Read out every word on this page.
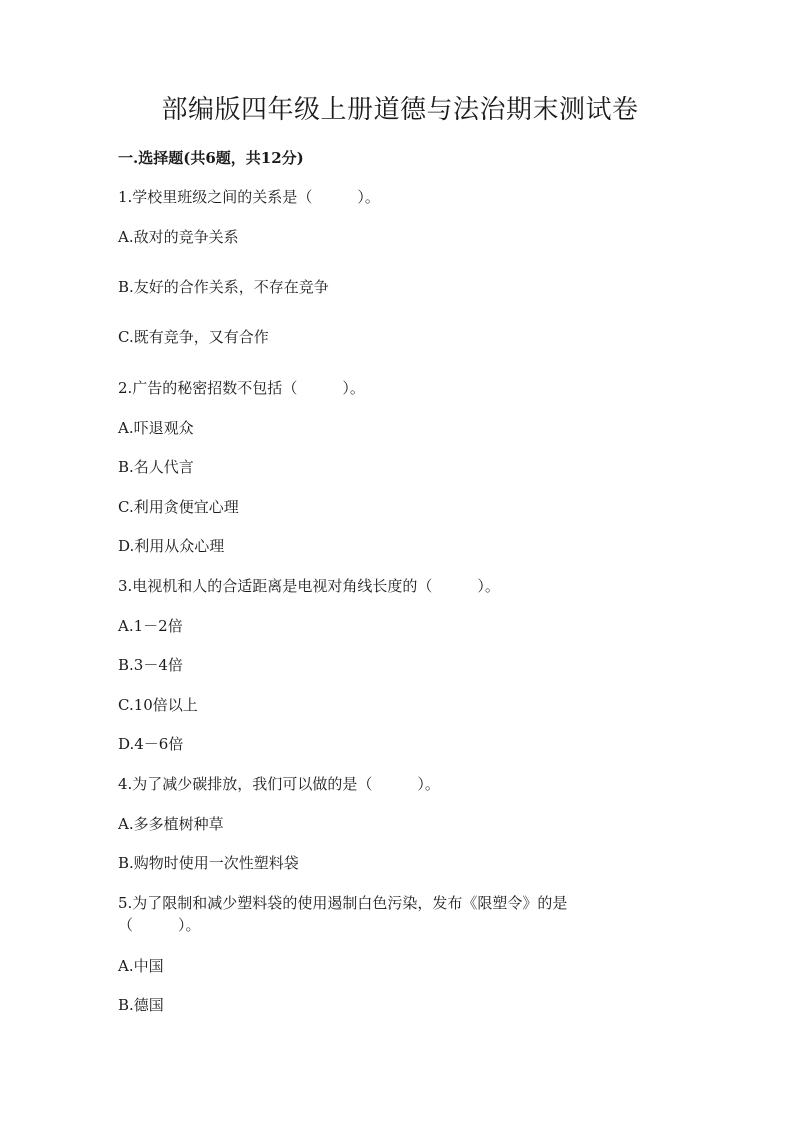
部编版四年级上册道德与法治期末测试卷
一.选择题(共6题，共12分)
1.学校里班级之间的关系是（　　　）。
A.敌对的竞争关系
B.友好的合作关系，不存在竞争
C.既有竞争，又有合作
2.广告的秘密招数不包括（　　　）。
A.吓退观众
B.名人代言
C.利用贪便宜心理
D.利用从众心理
3.电视机和人的合适距离是电视对角线长度的（　　　）。
A.1－2倍
B.3－4倍
C.10倍以上
D.4－6倍
4.为了减少碳排放，我们可以做的是（　　　）。
A.多多植树种草
B.购物时使用一次性塑料袋
5.为了限制和减少塑料袋的使用遏制白色污染，发布《限塑令》的是
（　　　）。
A.中国
B.德国
